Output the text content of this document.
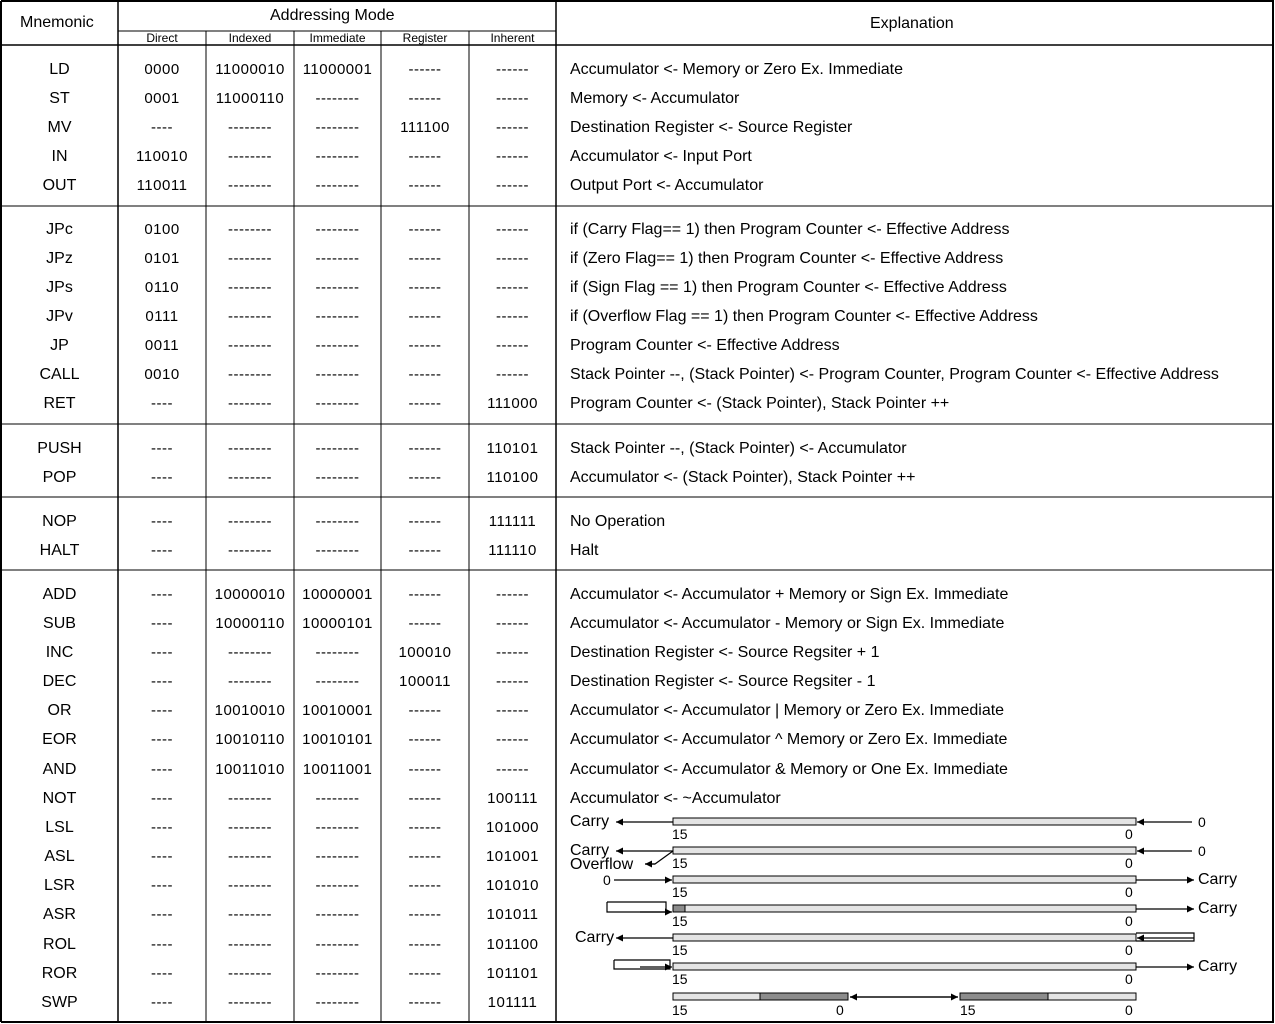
Mnemonic	Addressing Mode	Explanation
Direct	Indexed	Immediate	Register	Inherent
LD	0000	11000010	11000001	------	------	Accumulator <- Memory or Zero Ex. Immediate
ST	0001	11000110	--------	------	------	Memory <- Accumulator
MV	----	--------	--------	111100	------	Destination Register <- Source Register
IN	110010	--------	--------	------	------	Accumulator <- Input Port
OUT	110011	--------	--------	------	------	Output Port <- Accumulator
JPc	0100	--------	--------	------	------	if (Carry Flag== 1) then Program Counter <- Effective Address
JPz	0101	--------	--------	------	------	if (Zero Flag== 1) then Program Counter <- Effective Address
JPs	0110	--------	--------	------	------	if (Sign Flag == 1) then Program Counter <- Effective Address
JPv	0111	--------	--------	------	------	if (Overflow Flag == 1) then Program Counter <- Effective Address
JP	0011	--------	--------	------	------	Program Counter <- Effective Address
CALL	0010	--------	--------	------	------	Stack Pointer --, (Stack Pointer) <- Program Counter, Program Counter <- Effective Address
RET	----	--------	--------	------	111000	Program Counter <- (Stack Pointer), Stack Pointer ++
PUSH	----	--------	--------	------	110101	Stack Pointer --, (Stack Pointer) <- Accumulator
POP	----	--------	--------	------	110100	Accumulator <- (Stack Pointer), Stack Pointer ++
NOP	----	--------	--------	------	111111	No Operation
HALT	----	--------	--------	------	111110	Halt
ADD	----	10000010	10000001	------	------	Accumulator <- Accumulator + Memory or Sign Ex. Immediate
SUB	----	10000110	10000101	------	------	Accumulator <- Accumulator - Memory or Sign Ex. Immediate
INC	----	--------	--------	100010	------	Destination Register <- Source Regsiter + 1
DEC	----	--------	--------	100011	------	Destination Register <- Source Regsiter - 1
OR	----	10010010	10010001	------	------	Accumulator <- Accumulator | Memory or Zero Ex. Immediate
EOR	----	10010110	10010101	------	------	Accumulator <- Accumulator ^ Memory or Zero Ex. Immediate
AND	----	10011010	10011001	------	------	Accumulator <- Accumulator & Memory or One Ex. Immediate
NOT	----	--------	--------	------	100111	Accumulator <- ~Accumulator
LSL	----	--------	--------	------	101000
ASL	----	--------	--------	------	101001
LSR	----	--------	--------	------	101010
ASR	----	--------	--------	------	101011
ROL	----	--------	--------	------	101100
ROR	----	--------	--------	------	101101
SWP	----	--------	--------	------	101111
15	0
Carry	0
15	0
Carry
Overflow
0
15	0
0	Carry
15	0
Carry
15	0
Carry
15	0
Carry
15	0	15	0
